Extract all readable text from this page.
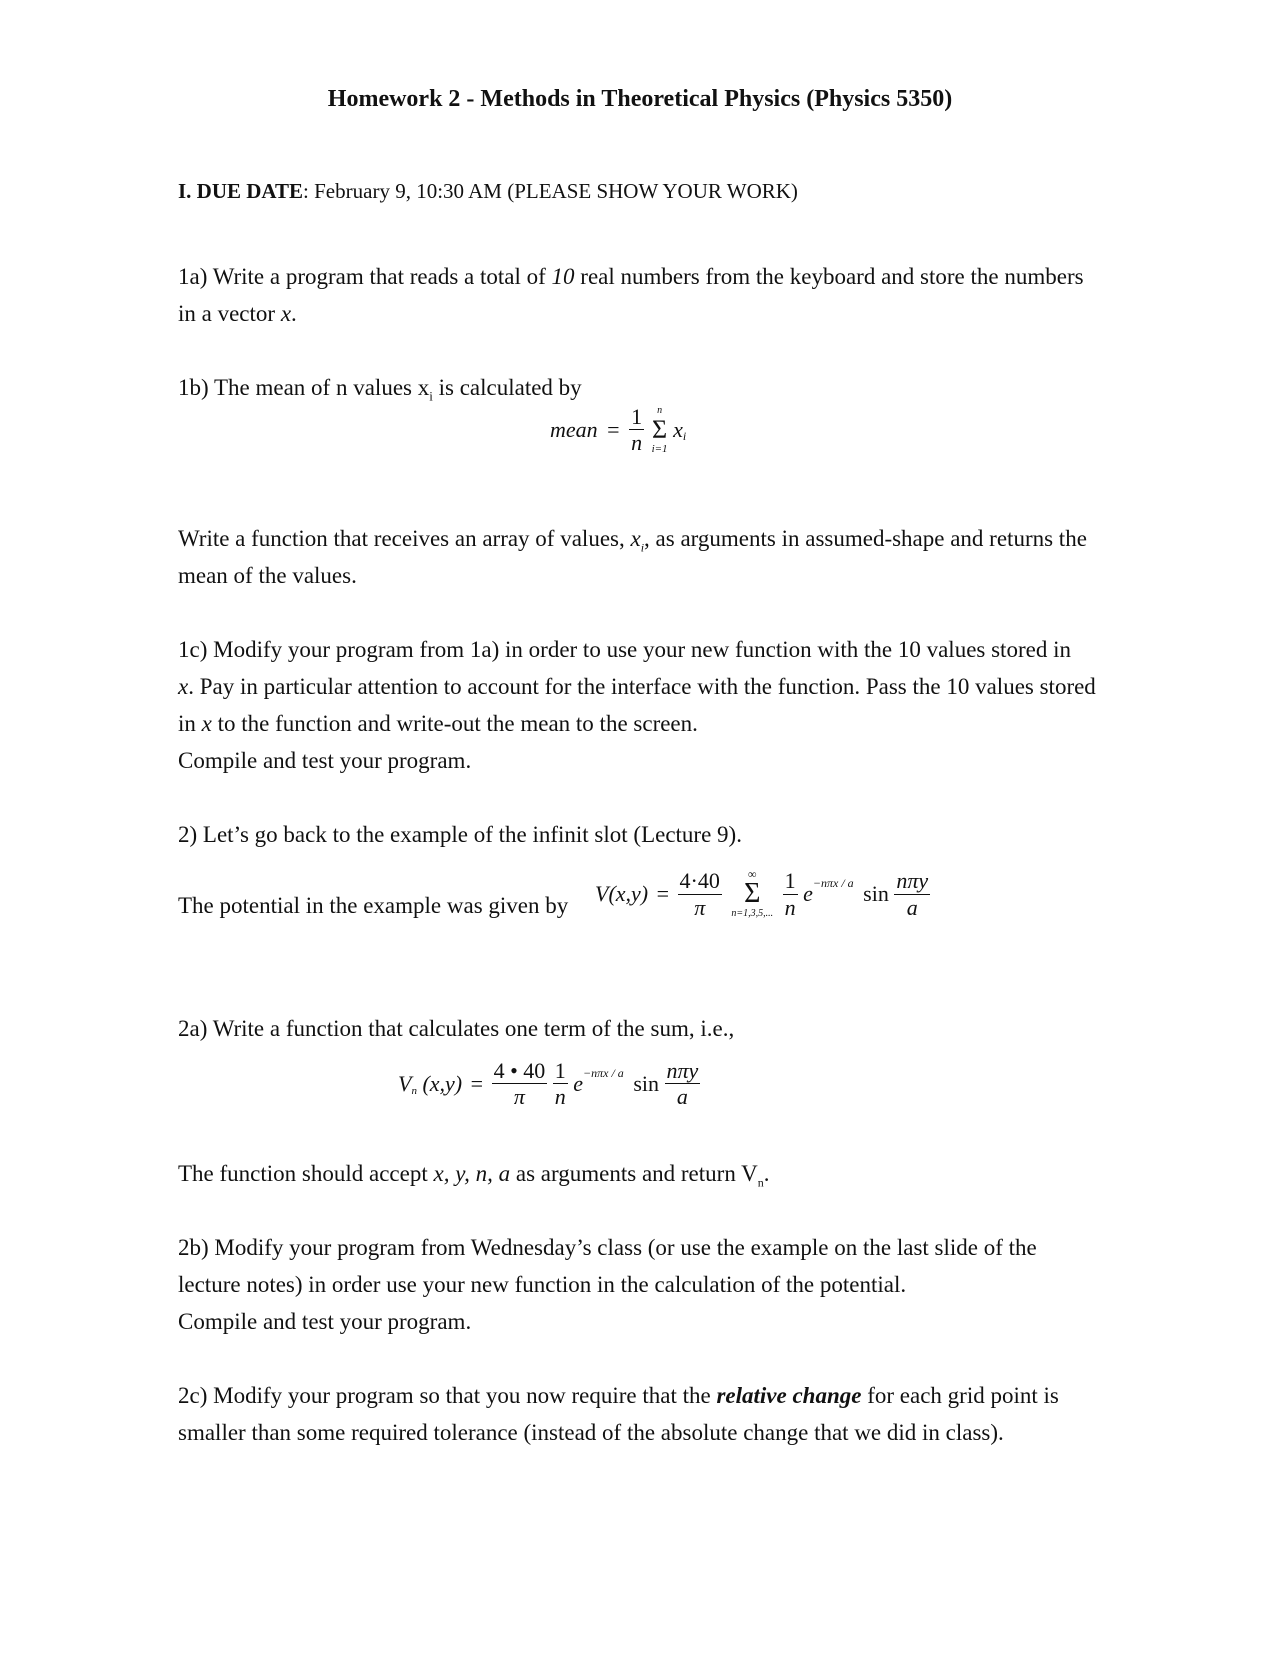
Homework 2 - Methods in Theoretical Physics (Physics 5350)
I. DUE DATE: February 9, 10:30 AM (PLEASE SHOW YOUR WORK)
1a) Write a program that reads a total of 10 real numbers from the keyboard and store the numbers
in a vector x.
1b) The mean of n values $x_i$ is calculated by
mean = $\frac{1}{n}$
	n
Σ
i=1
$x_i$
Write a function that receives an array of values, $x_i$, as arguments in assumed-shape and returns the
mean of the values.
1c) Modify your program from 1a) in order to use your new function with the 10 values stored in
x. Pay in particular attention to account for the interface with the function. Pass the 10 values stored
in x to the function and write-out the mean to the screen.
Compile and test your program.
2) Let’s go back to the example of the infinit slot (Lecture 9).
The potential in the example was given by $V(x,y) = \frac{4\cdot 40}{\pi}$
	∞
Σ
n=1,3,5,...
$\frac{1}{n} e^{-n\pi x / a}$ $\sin \frac{\text{nπy}}{a}$
2a) Write a function that calculates one term of the sum, i.e.,
$V_n$ $(x,y) = \frac{4 • 40}{\pi}$
$\frac{1}{n} e^{-n\pi x / a}$ $\sin \frac{\text{nπy}}{a}$
The function should accept x, y, n, a as arguments and return $V_n$.
2b) Modify your program from Wednesday’s class (or use the example on the last slide of the
lecture notes) in order use your new function in the calculation of the potential.
Compile and test your program.
2c) Modify your program so that you now require that the relative change for each grid point is
smaller than some required tolerance (instead of the absolute change that we did in class).
